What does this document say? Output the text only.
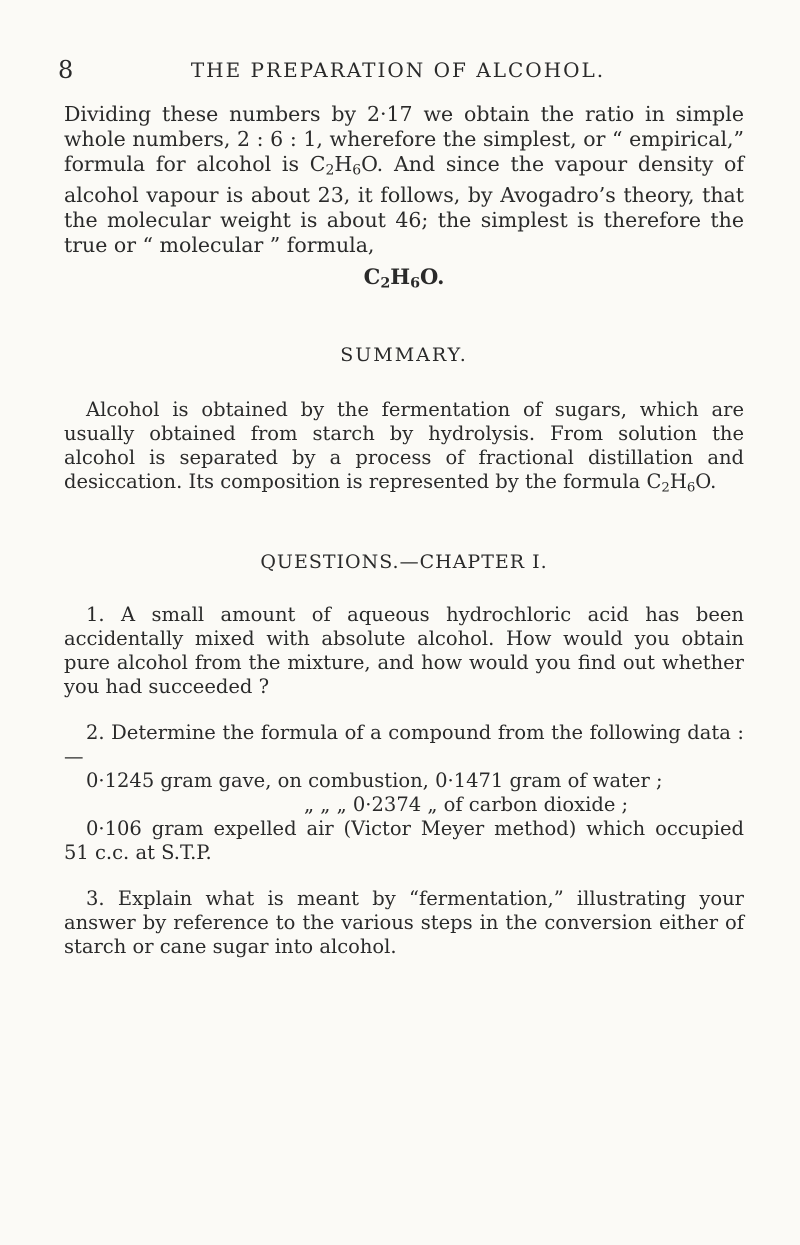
8	THE PREPARATION OF ALCOHOL.

Dividing these numbers by 2·17 we obtain the ratio in simple whole numbers, 2 : 6 : 1, wherefore the simplest, or “ empirical,” formula for alcohol is $C_2H_6O$. And since the vapour density of alcohol vapour is about 23, it follows, by Avogadro’s theory, that the molecular weight is about 46; the simplest is therefore the true or “ molecular ” formula,

$C_2H_6O$.
SUMMARY.

Alcohol is obtained by the fermentation of sugars, which are usually obtained from starch by hydrolysis. From solution the alcohol is separated by a process of fractional distillation and desiccation. Its composition is represented by the formula $C_2H_6O$.

QUESTIONS.—CHAPTER I.

1. A small amount of aqueous hydrochloric acid has been accidentally mixed with absolute alcohol. How would you obtain pure alcohol from the mixture, and how would you find out whether you had succeeded ?

2. Determine the formula of a compound from the following data :—

0·1245 gram gave, on combustion, 0·1471 gram of water ;

„ „ „ 0·2374 „ of carbon dioxide ;

0·106 gram expelled air (Victor Meyer method) which occupied 51 c.c. at S.T.P.

3. Explain what is meant by “fermentation,” illustrating your answer by reference to the various steps in the conversion either of starch or cane sugar into alcohol.
